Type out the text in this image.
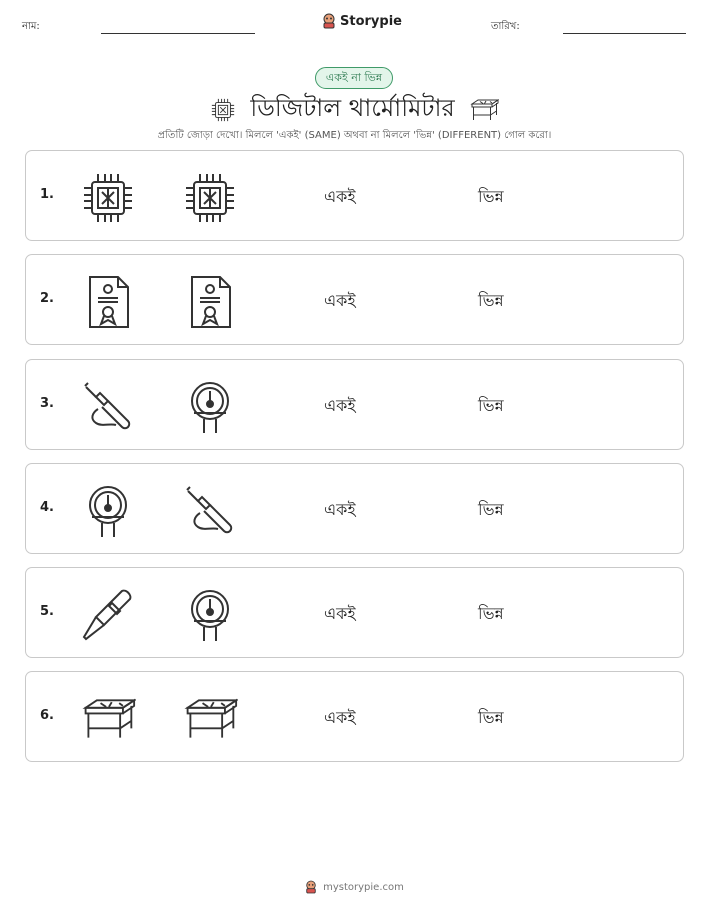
নাম:	Storypie	তারিখ:
একই না ভিন্ন
ডিজিটাল থার্মোমিটার
প্রতিটি জোড়া দেখো। মিললে 'একই' (SAME) অথবা না মিললে 'ভিন্ন' (DIFFERENT) গোল করো।
1.	একই	ভিন্ন
2.	একই	ভিন্ন
3.	একই	ভিন্ন
4.	একই	ভিন্ন
5.	একই	ভিন্ন
6.	একই	ভিন্ন
mystorypie.com
